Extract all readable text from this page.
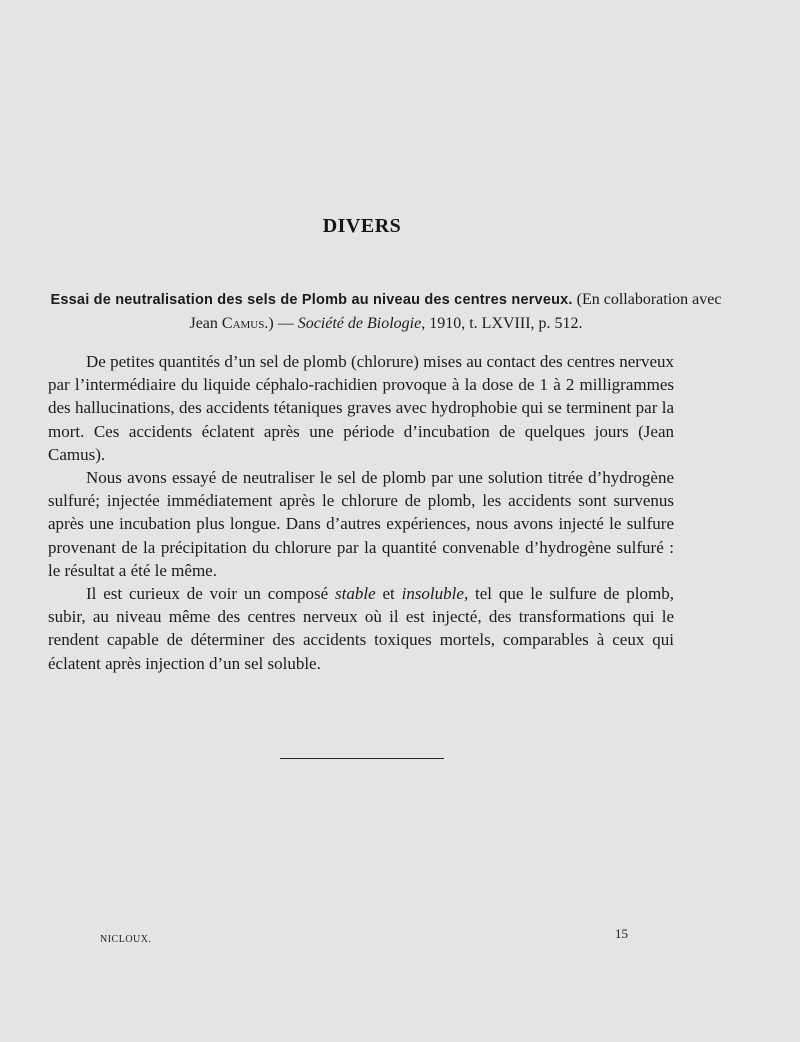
DIVERS
Essai de neutralisation des sels de Plomb au niveau des centres nerveux. (En collaboration avec Jean Camus.) — Société de Biologie, 1910, t. LXVIII, p. 512.

De petites quantités d’un sel de plomb (chlorure) mises au contact des centres nerveux par l’intermédiaire du liquide céphalo-rachidien provoque à la dose de 1 à 2 milligrammes des hallucinations, des accidents tétaniques graves avec hydrophobie qui se terminent par la mort. Ces accidents éclatent après une période d’incubation de quelques jours (Jean Camus).

Nous avons essayé de neutraliser le sel de plomb par une solution titrée d’hydrogène sulfuré; injectée immédiatement après le chlorure de plomb, les accidents sont survenus après une incubation plus longue. Dans d’autres expériences, nous avons injecté le sulfure provenant de la précipitation du chlorure par la quantité convenable d’hydrogène sulfuré : le résultat a été le même.

Il est curieux de voir un composé stable et insoluble, tel que le sulfure de plomb, subir, au niveau même des centres nerveux où il est injecté, des transformations qui le rendent capable de déterminer des accidents toxiques mortels, comparables à ceux qui éclatent après injection d’un sel soluble.

NICLOUX.	15
